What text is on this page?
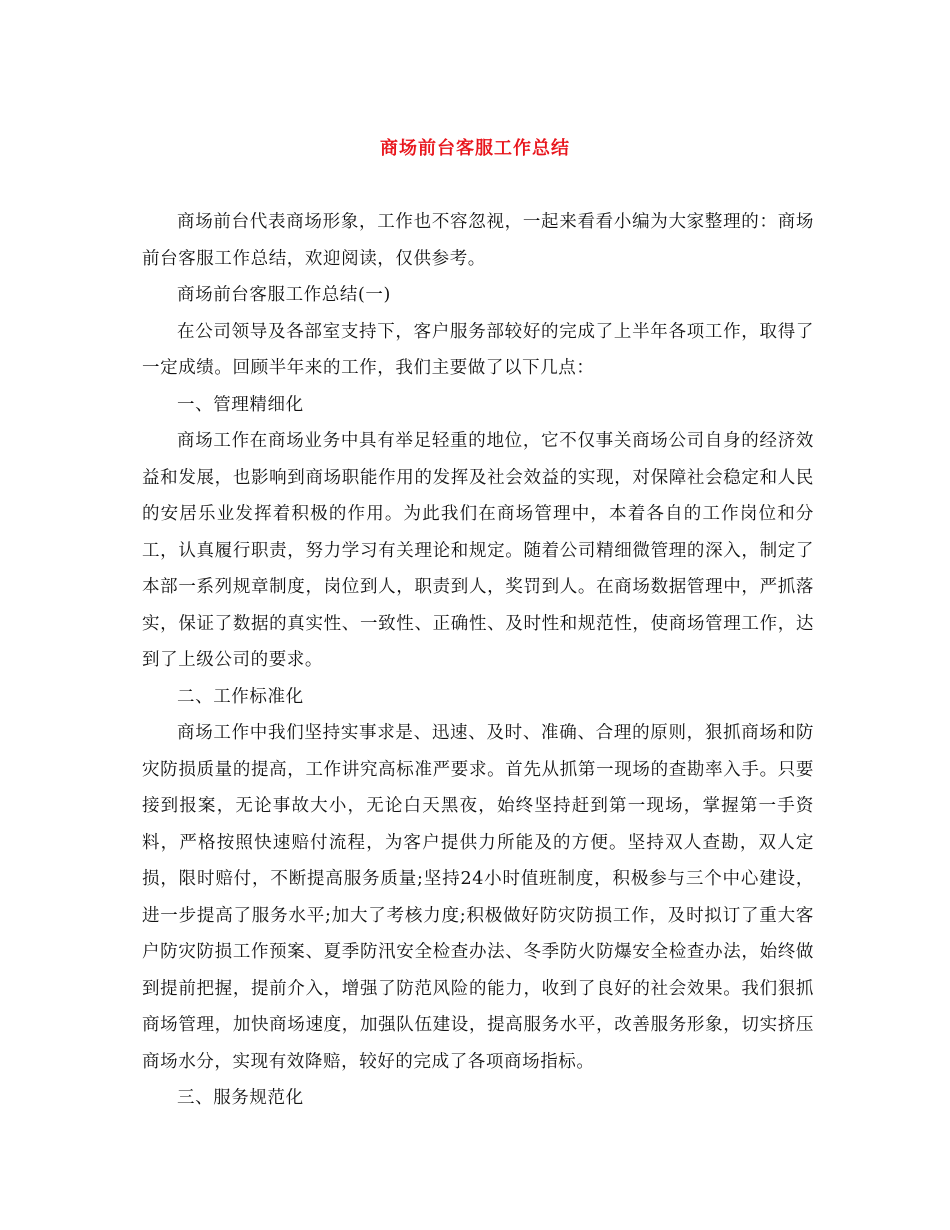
商场前台客服工作总结

商场前台代表商场形象，工作也不容忽视，一起来看看小编为大家整理的：商场前台客服工作总结，欢迎阅读，仅供参考。

商场前台客服工作总结(一)

在公司领导及各部室支持下，客户服务部较好的完成了上半年各项工作，取得了一定成绩。回顾半年来的工作，我们主要做了以下几点：

一、管理精细化

商场工作在商场业务中具有举足轻重的地位，它不仅事关商场公司自身的经济效益和发展，也影响到商场职能作用的发挥及社会效益的实现，对保障社会稳定和人民的安居乐业发挥着积极的作用。为此我们在商场管理中，本着各自的工作岗位和分工，认真履行职责，努力学习有关理论和规定。随着公司精细微管理的深入，制定了本部一系列规章制度，岗位到人，职责到人，奖罚到人。在商场数据管理中，严抓落实，保证了数据的真实性、一致性、正确性、及时性和规范性，使商场管理工作，达到了上级公司的要求。

二、工作标准化

商场工作中我们坚持实事求是、迅速、及时、准确、合理的原则，狠抓商场和防灾防损质量的提高，工作讲究高标准严要求。首先从抓第一现场的查勘率入手。只要接到报案，无论事故大小，无论白天黑夜，始终坚持赶到第一现场，掌握第一手资料，严格按照快速赔付流程，为客户提供力所能及的方便。坚持双人查勘，双人定损，限时赔付，不断提高服务质量;坚持24小时值班制度，积极参与三个中心建设，进一步提高了服务水平;加大了考核力度;积极做好防灾防损工作，及时拟订了重大客户防灾防损工作预案、夏季防汛安全检查办法、冬季防火防爆安全检查办法，始终做到提前把握，提前介入，增强了防范风险的能力，收到了良好的社会效果。我们狠抓商场管理，加快商场速度，加强队伍建设，提高服务水平，改善服务形象，切实挤压商场水分，实现有效降赔，较好的完成了各项商场指标。

三、服务规范化
